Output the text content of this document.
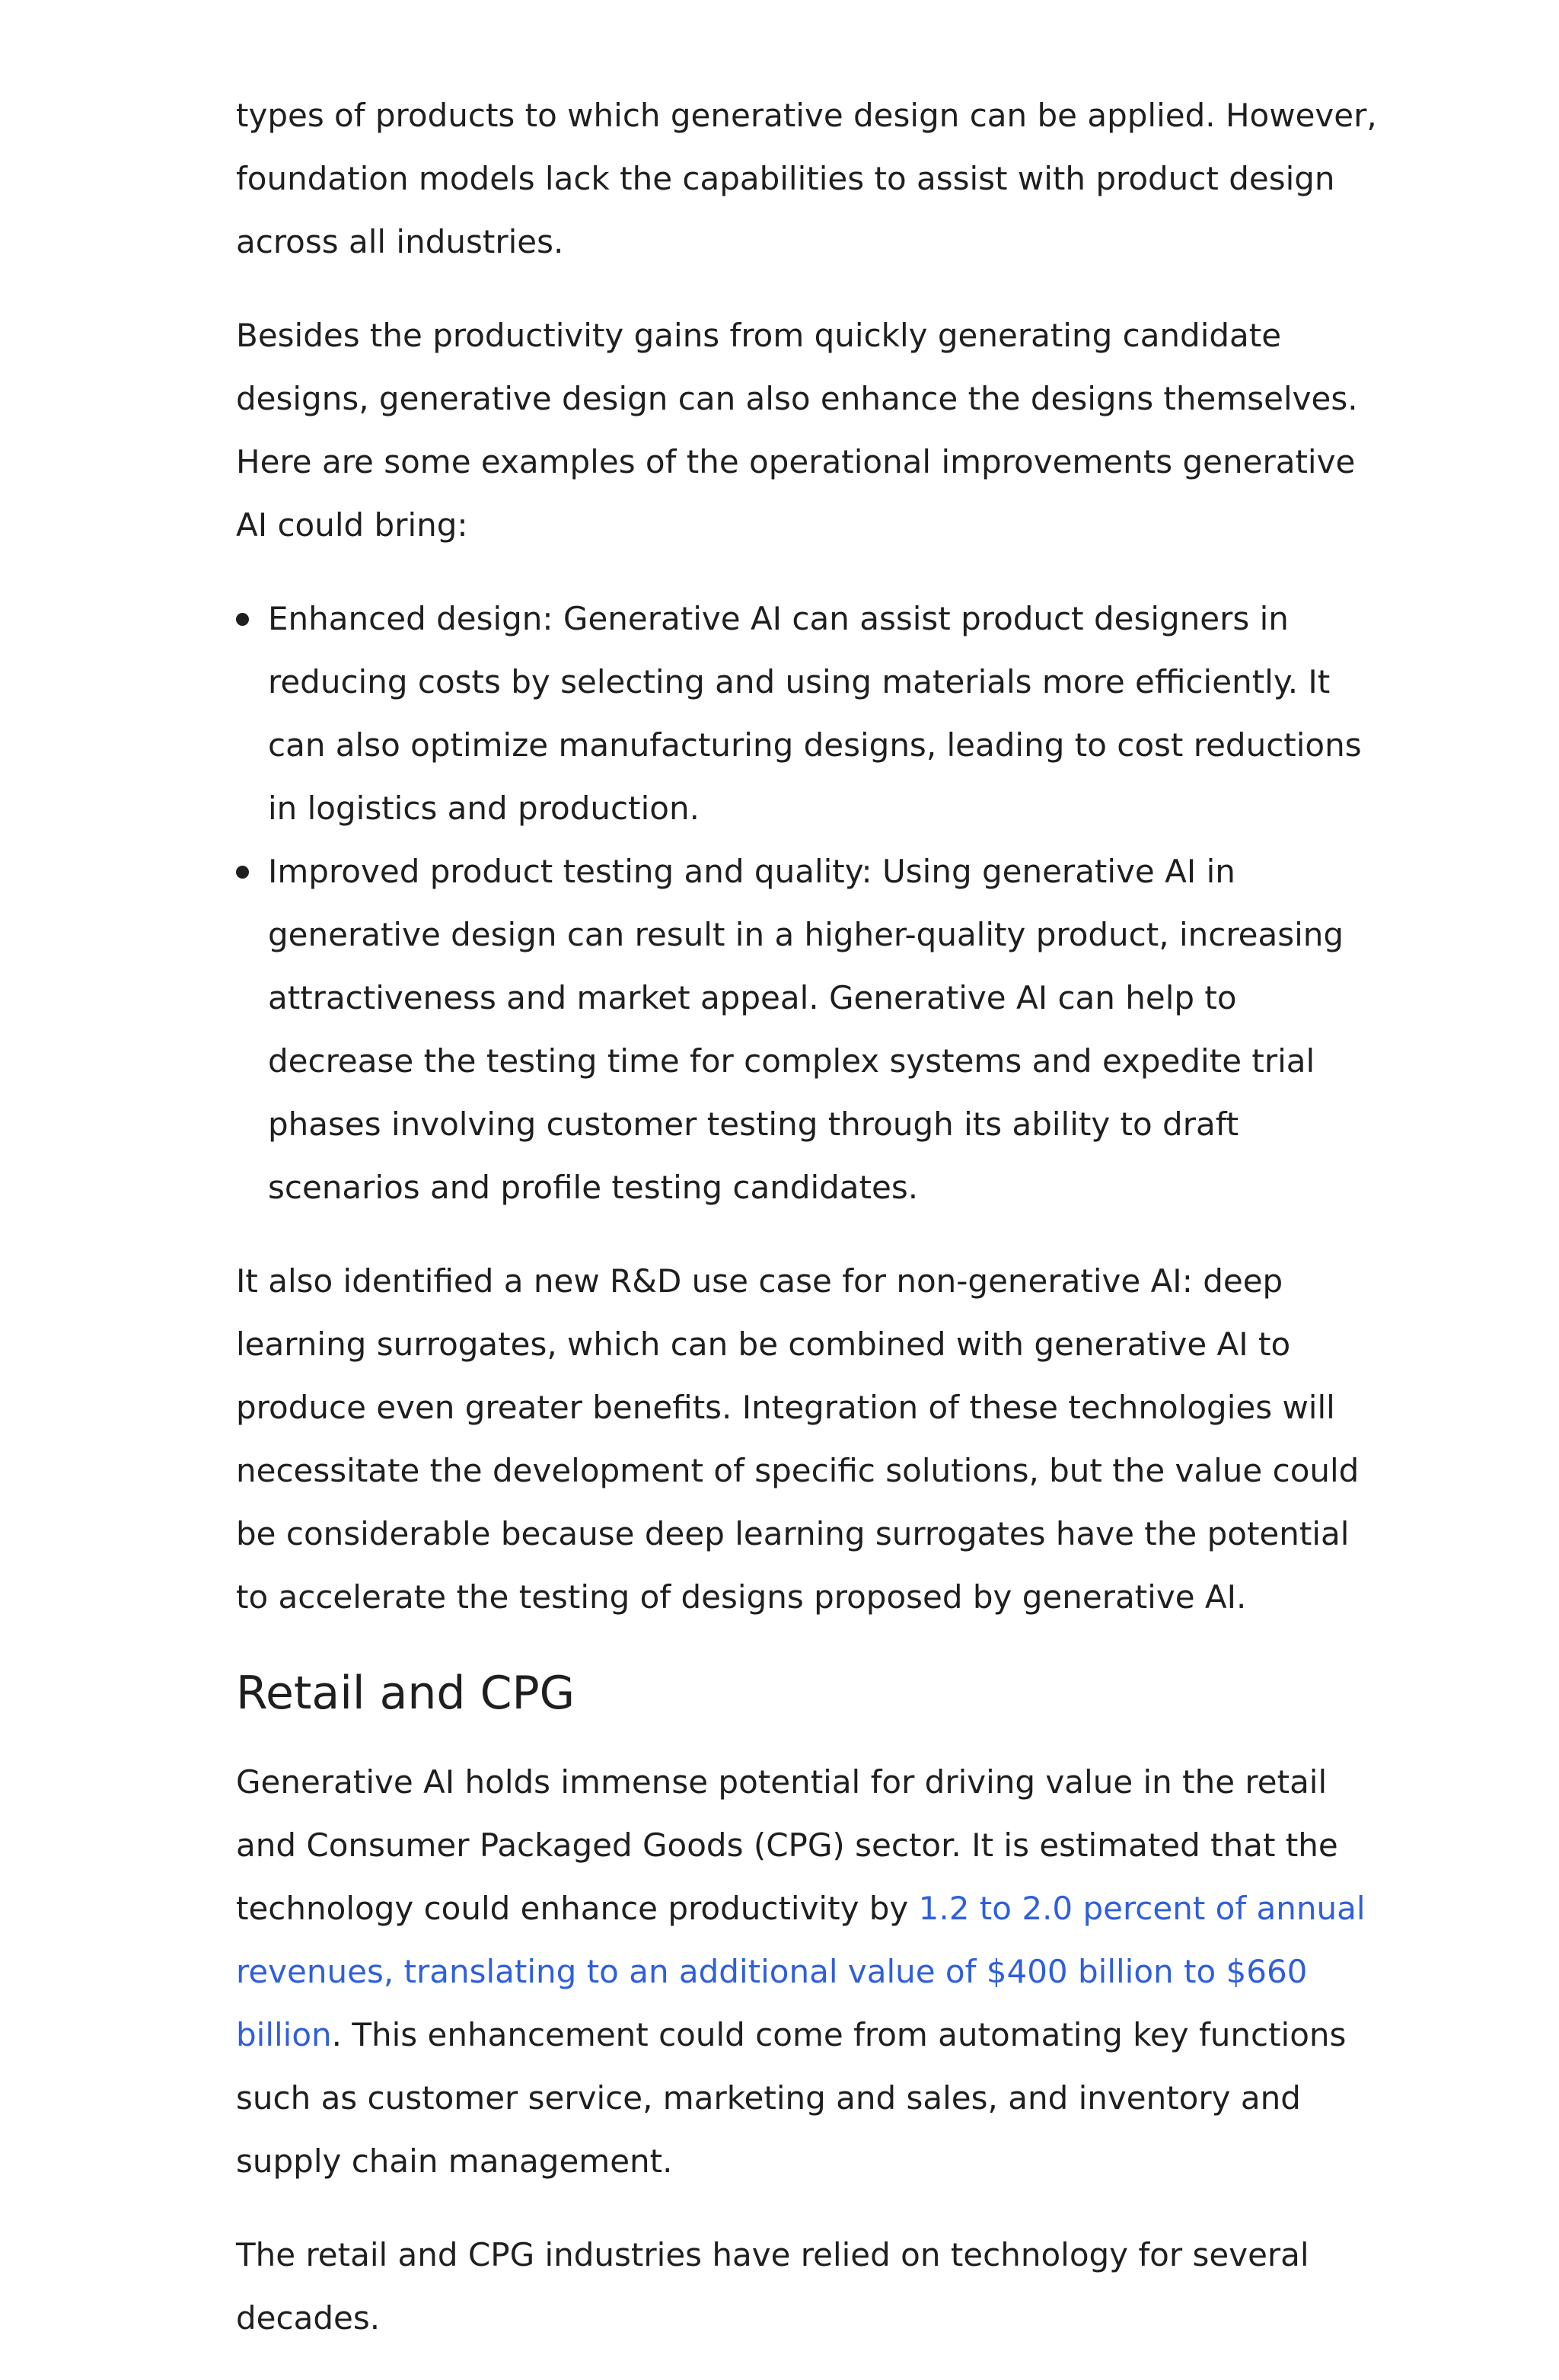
types of products to which generative design can be applied. However, foundation models lack the capabilities to assist with product design across all industries.

Besides the productivity gains from quickly generating candidate designs, generative design can also enhance the designs themselves. Here are some examples of the operational improvements generative AI could bring:

Enhanced design: Generative AI can assist product designers in reducing costs by selecting and using materials more efficiently. It can also optimize manufacturing designs, leading to cost reductions in logistics and production.
Improved product testing and quality: Using generative AI in generative design can result in a higher-quality product, increasing attractiveness and market appeal. Generative AI can help to decrease the testing time for complex systems and expedite trial phases involving customer testing through its ability to draft scenarios and profile testing candidates.

It also identified a new R&D use case for non-generative AI: deep learning surrogates, which can be combined with generative AI to produce even greater benefits. Integration of these technologies will necessitate the development of specific solutions, but the value could be considerable because deep learning surrogates have the potential to accelerate the testing of designs proposed by generative AI.

Retail and CPG

Generative AI holds immense potential for driving value in the retail and Consumer Packaged Goods (CPG) sector. It is estimated that the technology could enhance productivity by 1.2 to 2.0 percent of annual revenues, translating to an additional value of $400 billion to $660 billion. This enhancement could come from automating key functions such as customer service, marketing and sales, and inventory and supply chain management.

The retail and CPG industries have relied on technology for several decades.
